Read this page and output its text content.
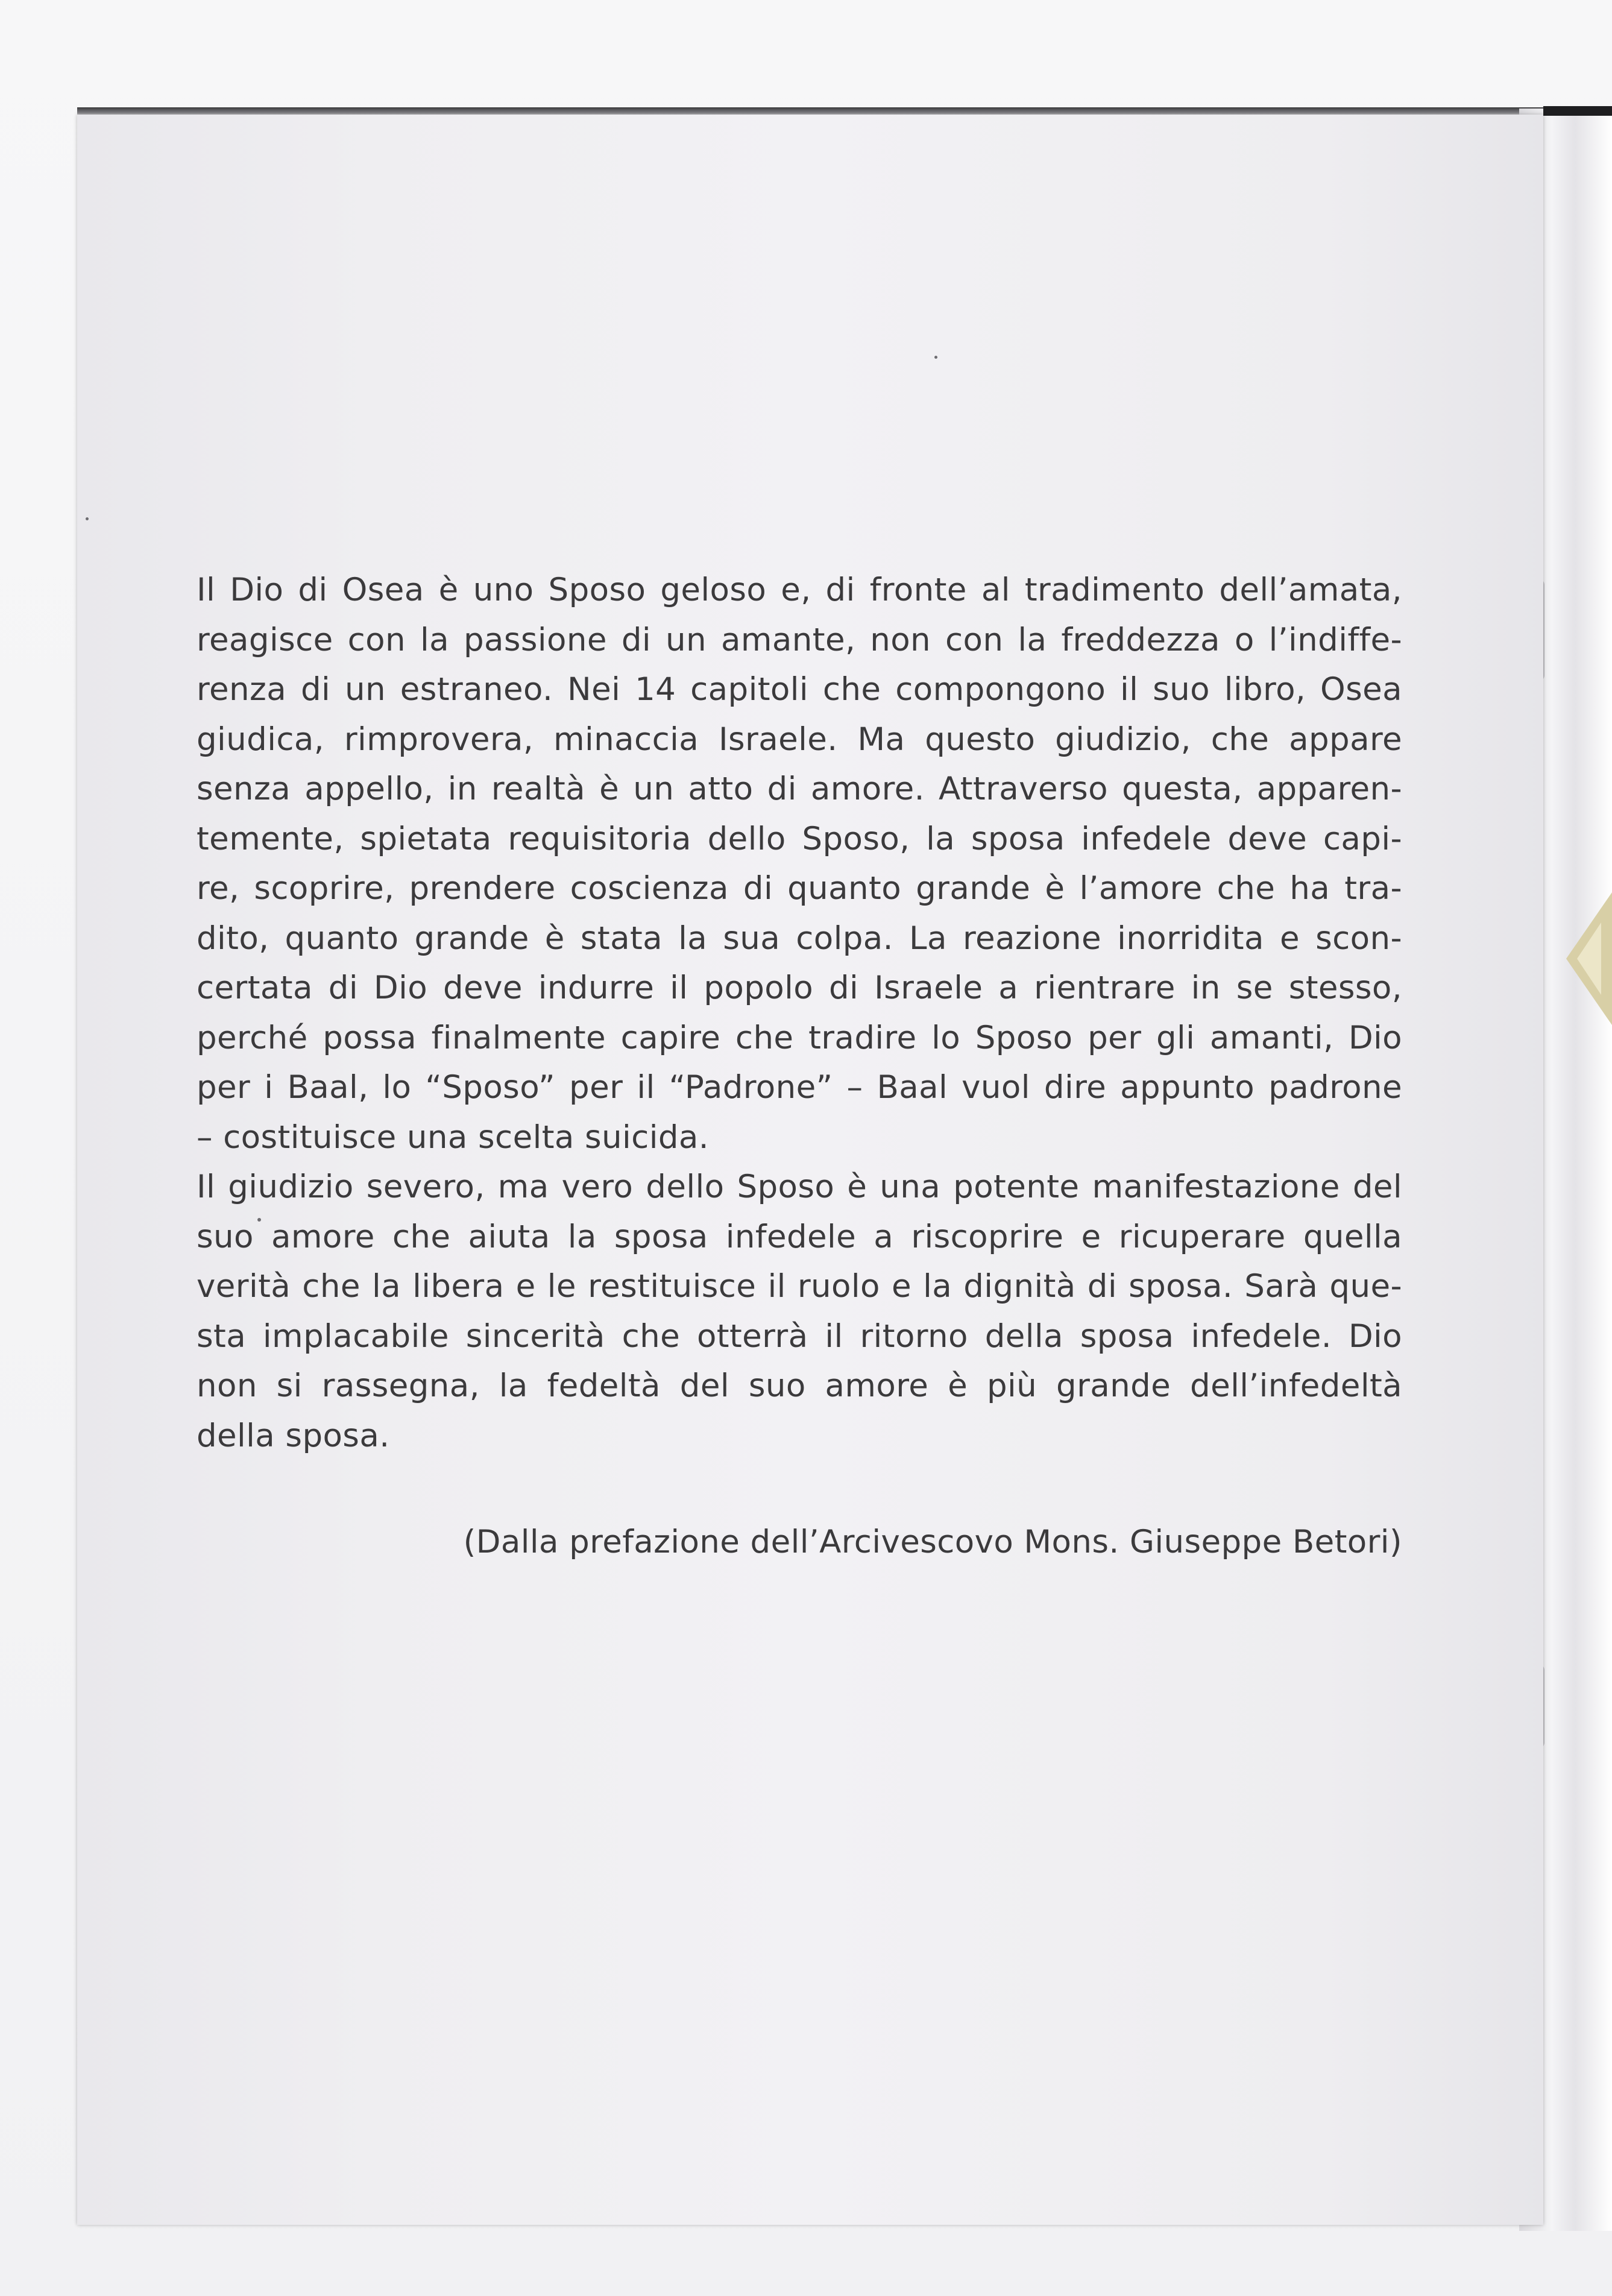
Il Dio di Osea è uno Sposo geloso e, di fronte al tradimento dell’amata,
reagisce con la passione di un amante, non con la freddezza o l’indiffe-
renza di un estraneo. Nei 14 capitoli che compongono il suo libro, Osea
giudica, rimprovera, minaccia Israele. Ma questo giudizio, che appare
senza appello, in realtà è un atto di amore. Attraverso questa, apparen-
temente, spietata requisitoria dello Sposo, la sposa infedele deve capi-
re, scoprire, prendere coscienza di quanto grande è l’amore che ha tra-
dito, quanto grande è stata la sua colpa. La reazione inorridita e scon-
certata di Dio deve indurre il popolo di Israele a rientrare in se stesso,
perché possa finalmente capire che tradire lo Sposo per gli amanti, Dio
per i Baal, lo “Sposo” per il “Padrone” – Baal vuol dire appunto padrone
– costituisce una scelta suicida.

Il giudizio severo, ma vero dello Sposo è una potente manifestazione del
suo amore che aiuta la sposa infedele a riscoprire e ricuperare quella
verità che la libera e le restituisce il ruolo e la dignità di sposa. Sarà que-
sta implacabile sincerità che otterrà il ritorno della sposa infedele. Dio
non si rassegna, la fedeltà del suo amore è più grande dell’infedeltà
della sposa.

(Dalla prefazione dell’Arcivescovo Mons. Giuseppe Betori)
